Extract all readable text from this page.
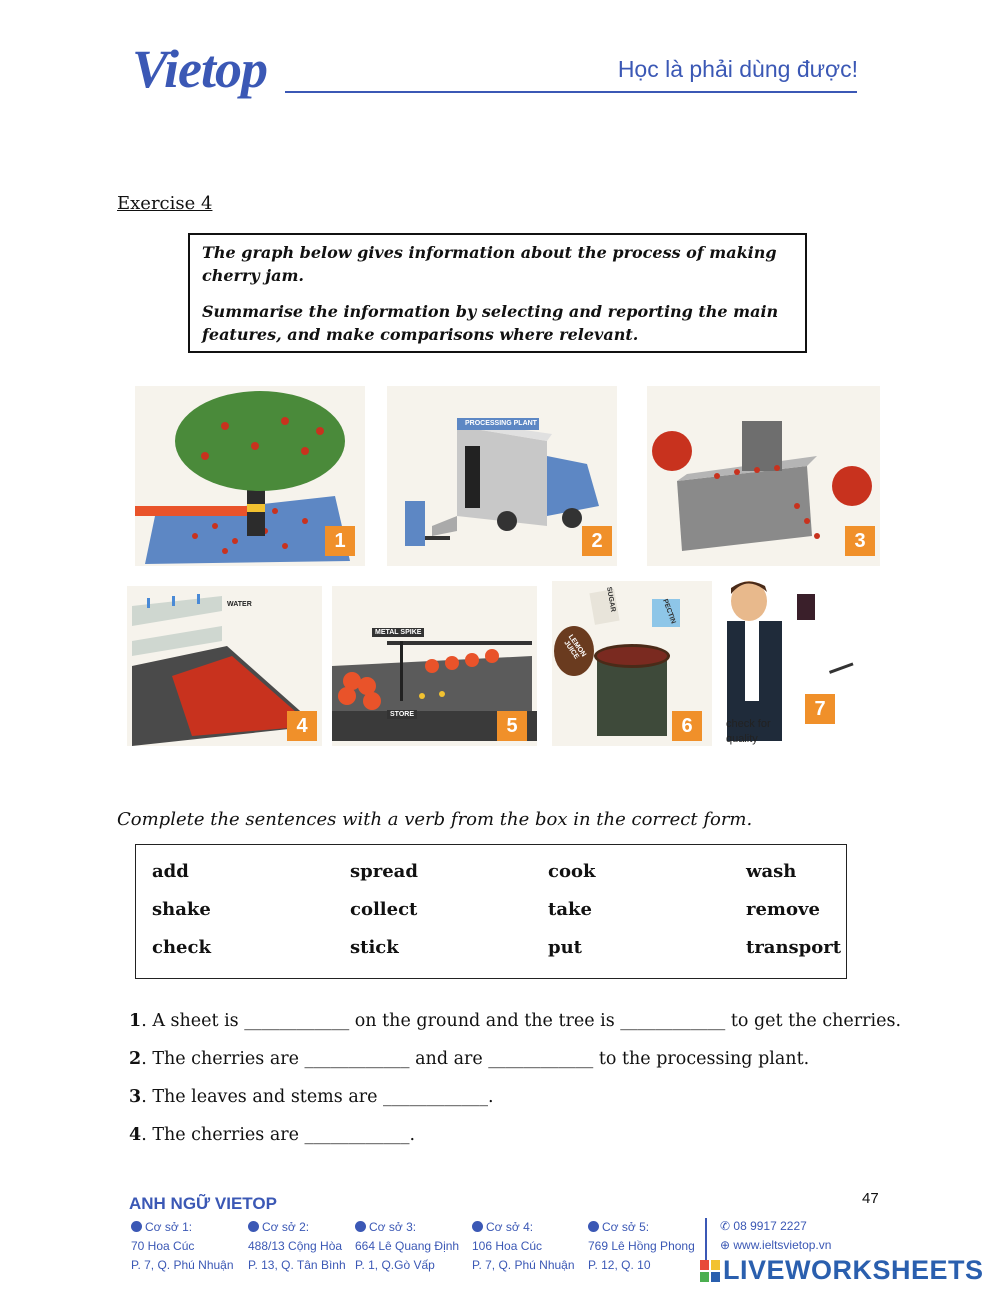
Vietop	Học là phải dùng được!
Exercise 4

The graph below gives information about the process of making cherry jam.

Summarise the information by selecting and reporting the main features, and make comparisons where relevant.

1
PROCESSING PLANT
2	3
WATER
4
METAL SPIKE
STORE
5
SUGAR	PECTIN
LEMON JUICE
6
7
check for
quality
Complete the sentences with a verb from the box in the correct form.
add	spread	cook	wash
shake	collect	take	remove
check	stick	put	transport
1. A sheet is ____________ on the ground and the tree is ____________ to get the cherries.
2. The cherries are ____________ and are ____________ to the processing plant.
3. The leaves and stems are ____________.
4. The cherries are ____________.
47
ANH NGỮ VIETOP
Cơ sở 1:
70 Hoa Cúc
P. 7, Q. Phú Nhuận
Cơ sở 2:
488/13 Cộng Hòa
P. 13, Q. Tân Bình
Cơ sở 3:
664 Lê Quang Định
P. 1, Q.Gò Vấp
Cơ sở 4:
106 Hoa Cúc
P. 7, Q. Phú Nhuận
Cơ sở 5:
769 Lê Hồng Phong
P. 12, Q. 10
✆ 08 9917 2227
⊕ www.ieltsvietop.vn
LIVEWORKSHEETS
